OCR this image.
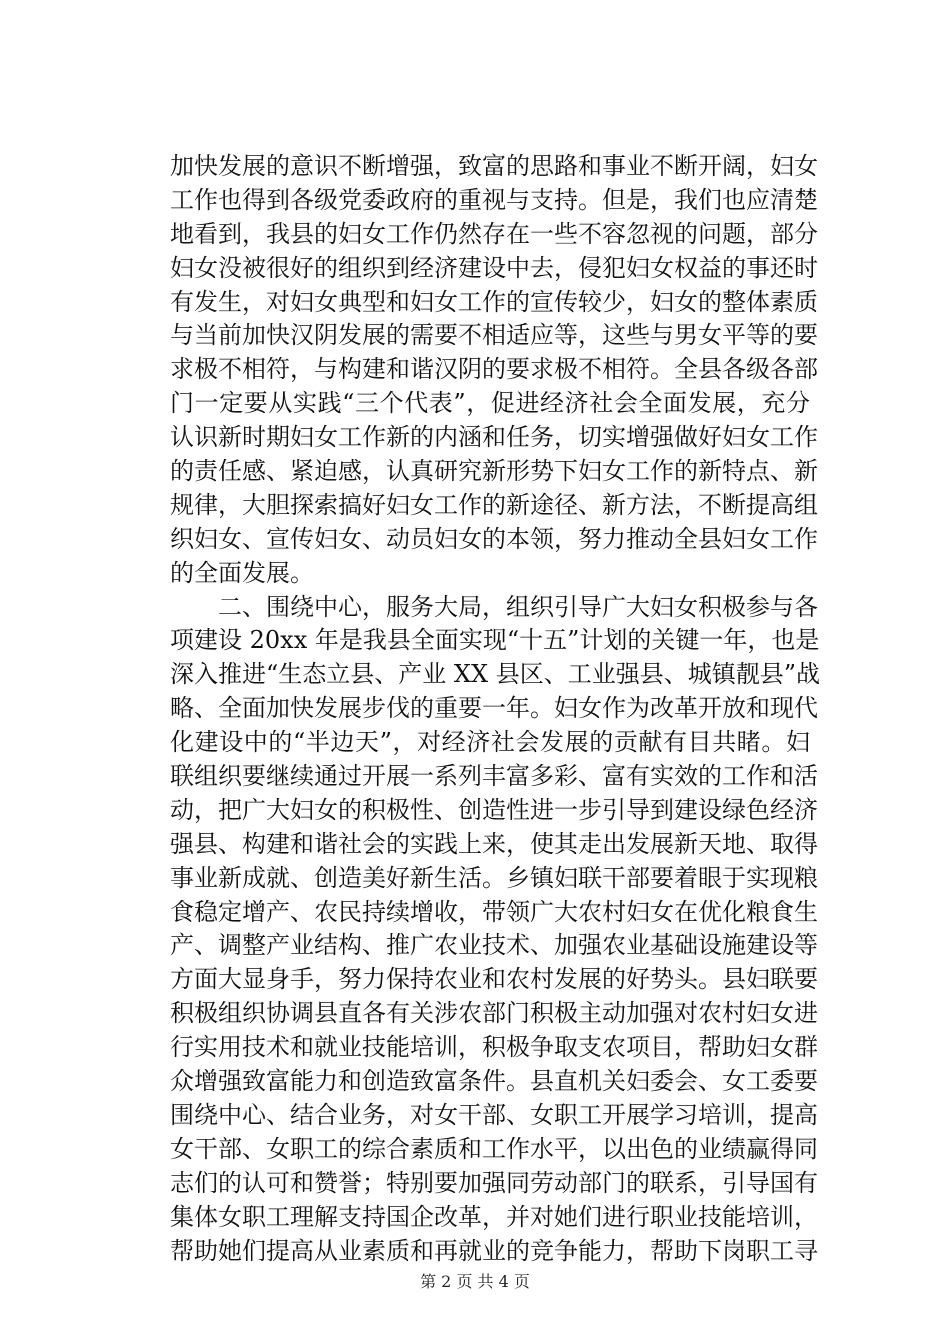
加快发展的意识不断增强，致富的思路和事业不断开阔，妇女
工作也得到各级党委政府的重视与支持。但是，我们也应清楚
地看到，我县的妇女工作仍然存在一些不容忽视的问题，部分
妇女没被很好的组织到经济建设中去，侵犯妇女权益的事还时
有发生，对妇女典型和妇女工作的宣传较少，妇女的整体素质
与当前加快汉阴发展的需要不相适应等，这些与男女平等的要
求极不相符，与构建和谐汉阴的要求极不相符。全县各级各部
门一定要从实践“三个代表”，促进经济社会全面发展，充分
认识新时期妇女工作新的内涵和任务，切实增强做好妇女工作
的责任感、紧迫感，认真研究新形势下妇女工作的新特点、新
规律，大胆探索搞好妇女工作的新途径、新方法，不断提高组
织妇女、宣传妇女、动员妇女的本领，努力推动全县妇女工作
的全面发展。
二、围绕中心，服务大局，组织引导广大妇女积极参与各
项建设 20xx 年是我县全面实现“十五”计划的关键一年，也是
深入推进“生态立县、产业 XX 县区、工业强县、城镇靓县”战
略、全面加快发展步伐的重要一年。妇女作为改革开放和现代
化建设中的“半边天”，对经济社会发展的贡献有目共睹。妇
联组织要继续通过开展一系列丰富多彩、富有实效的工作和活
动，把广大妇女的积极性、创造性进一步引导到建设绿色经济
强县、构建和谐社会的实践上来，使其走出发展新天地、取得
事业新成就、创造美好新生活。乡镇妇联干部要着眼于实现粮
食稳定增产、农民持续增收，带领广大农村妇女在优化粮食生
产、调整产业结构、推广农业技术、加强农业基础设施建设等
方面大显身手，努力保持农业和农村发展的好势头。县妇联要
积极组织协调县直各有关涉农部门积极主动加强对农村妇女进
行实用技术和就业技能培训，积极争取支农项目，帮助妇女群
众增强致富能力和创造致富条件。县直机关妇委会、女工委要
围绕中心、结合业务，对女干部、女职工开展学习培训，提高
女干部、女职工的综合素质和工作水平，以出色的业绩赢得同
志们的认可和赞誉；特别要加强同劳动部门的联系，引导国有
集体女职工理解支持国企改革，并对她们进行职业技能培训，
帮助她们提高从业素质和再就业的竞争能力，帮助下岗职工寻
第 2 页 共 4 页
